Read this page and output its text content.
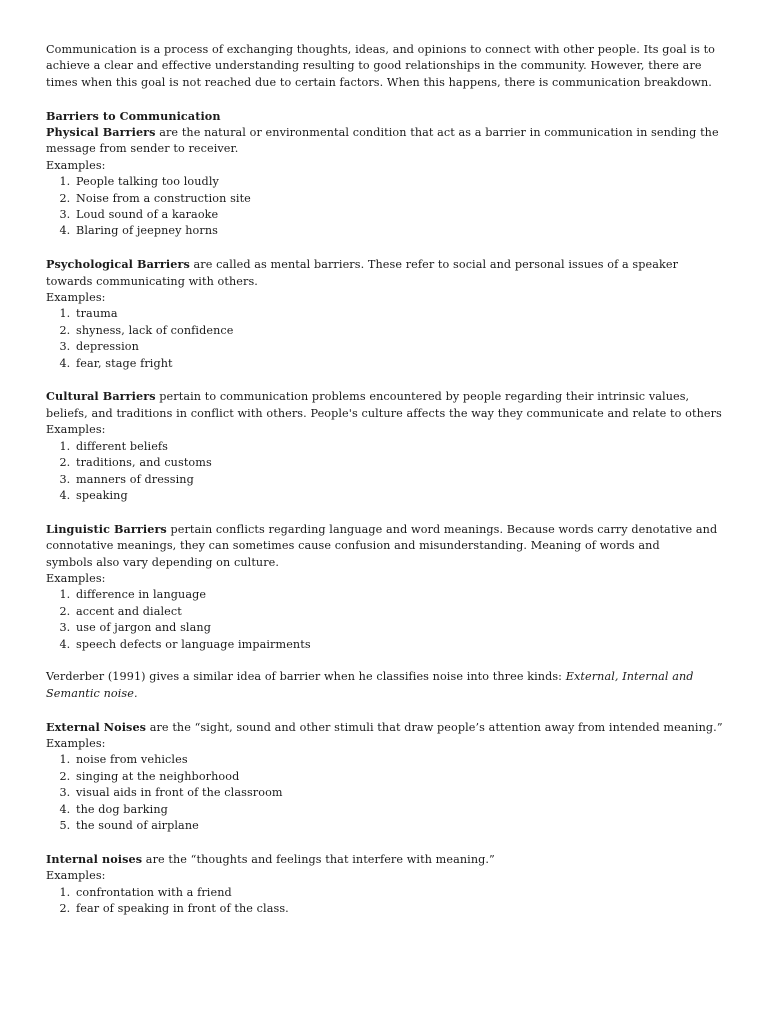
Communication is a process of exchanging thoughts, ideas, and opinions to connect with other people. Its goal is to achieve a clear and effective understanding resulting to good relationships in the community. However, there are times when this goal is not reached due to certain factors. When this happens, there is communication breakdown.

Barriers to Communication

Physical Barriers are the natural or environmental condition that act as a barrier in communication in sending the message from sender to receiver.

Examples:

1. People talking too loudly
2. Noise from a construction site
3. Loud sound of a karaoke
4. Blaring of jeepney horns

Psychological Barriers are called as mental barriers. These refer to social and personal issues of a speaker towards communicating with others.

Examples:

1. trauma
2. shyness, lack of confidence
3. depression
4. fear, stage fright

Cultural Barriers pertain to communication problems encountered by people regarding their intrinsic values, beliefs, and traditions in conflict with others. People's culture affects the way they communicate and relate to others

Examples:

1. different beliefs
2. traditions, and customs
3. manners of dressing
4. speaking

Linguistic Barriers pertain conflicts regarding language and word meanings. Because words carry denotative and connotative meanings, they can sometimes cause confusion and misunderstanding. Meaning of words and

symbols also vary depending on culture.

Examples:

1. difference in language
2. accent and dialect
3. use of jargon and slang
4. speech defects or language impairments

Verderber (1991) gives a similar idea of barrier when he classifies noise into three kinds: External, Internal and Semantic noise.

External Noises are the “sight, sound and other stimuli that draw people’s attention away from intended meaning.”

Examples:

1. noise from vehicles
2. singing at the neighborhood
3. visual aids in front of the classroom
4. the dog barking
5. the sound of airplane

Internal noises are the “thoughts and feelings that interfere with meaning.”

Examples:

1. confrontation with a friend
2. fear of speaking in front of the class.
